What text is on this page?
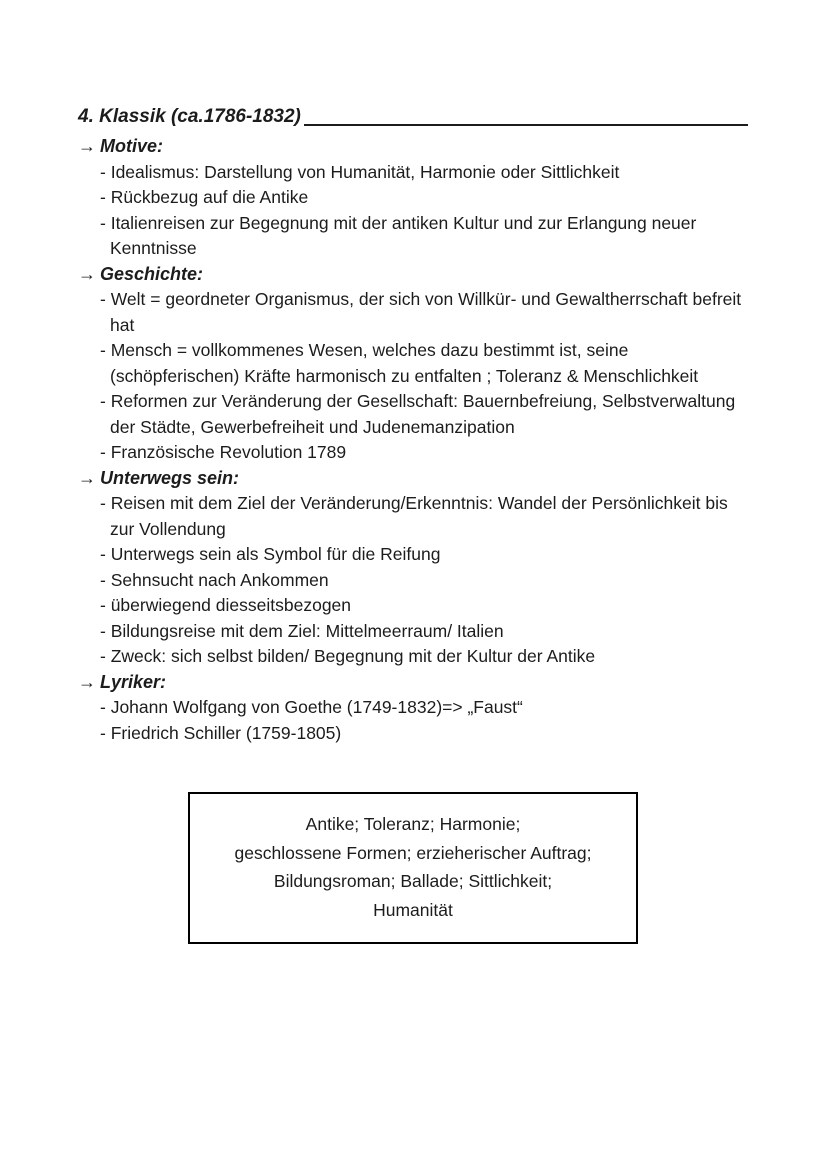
4. Klassik (ca.1786-1832)
→ Motive:
- Idealismus: Darstellung von Humanität, Harmonie oder Sittlichkeit
- Rückbezug auf die Antike
- Italienreisen zur Begegnung mit der antiken Kultur und zur Erlangung neuer Kenntnisse
→ Geschichte:
- Welt = geordneter Organismus, der sich von Willkür- und Gewaltherrschaft befreit hat
- Mensch = vollkommenes Wesen, welches dazu bestimmt ist, seine (schöpferischen) Kräfte harmonisch zu entfalten ; Toleranz & Menschlichkeit
- Reformen zur Veränderung der Gesellschaft: Bauernbefreiung, Selbstverwaltung der Städte, Gewerbefreiheit und Judenemanzipation
- Französische Revolution 1789
→ Unterwegs sein:
- Reisen mit dem Ziel der Veränderung/Erkenntnis: Wandel der Persönlichkeit bis zur Vollendung
- Unterwegs sein als Symbol für die Reifung
- Sehnsucht nach Ankommen
- überwiegend diesseitsbezogen
- Bildungsreise mit dem Ziel: Mittelmeerraum/ Italien
- Zweck: sich selbst bilden/ Begegnung mit der Kultur der Antike
→ Lyriker:
- Johann Wolfgang von Goethe (1749-1832)=> „Faust“
- Friedrich Schiller (1759-1805)
Antike; Toleranz; Harmonie;
geschlossene Formen; erzieherischer Auftrag;
Bildungsroman; Ballade; Sittlichkeit;
Humanität
